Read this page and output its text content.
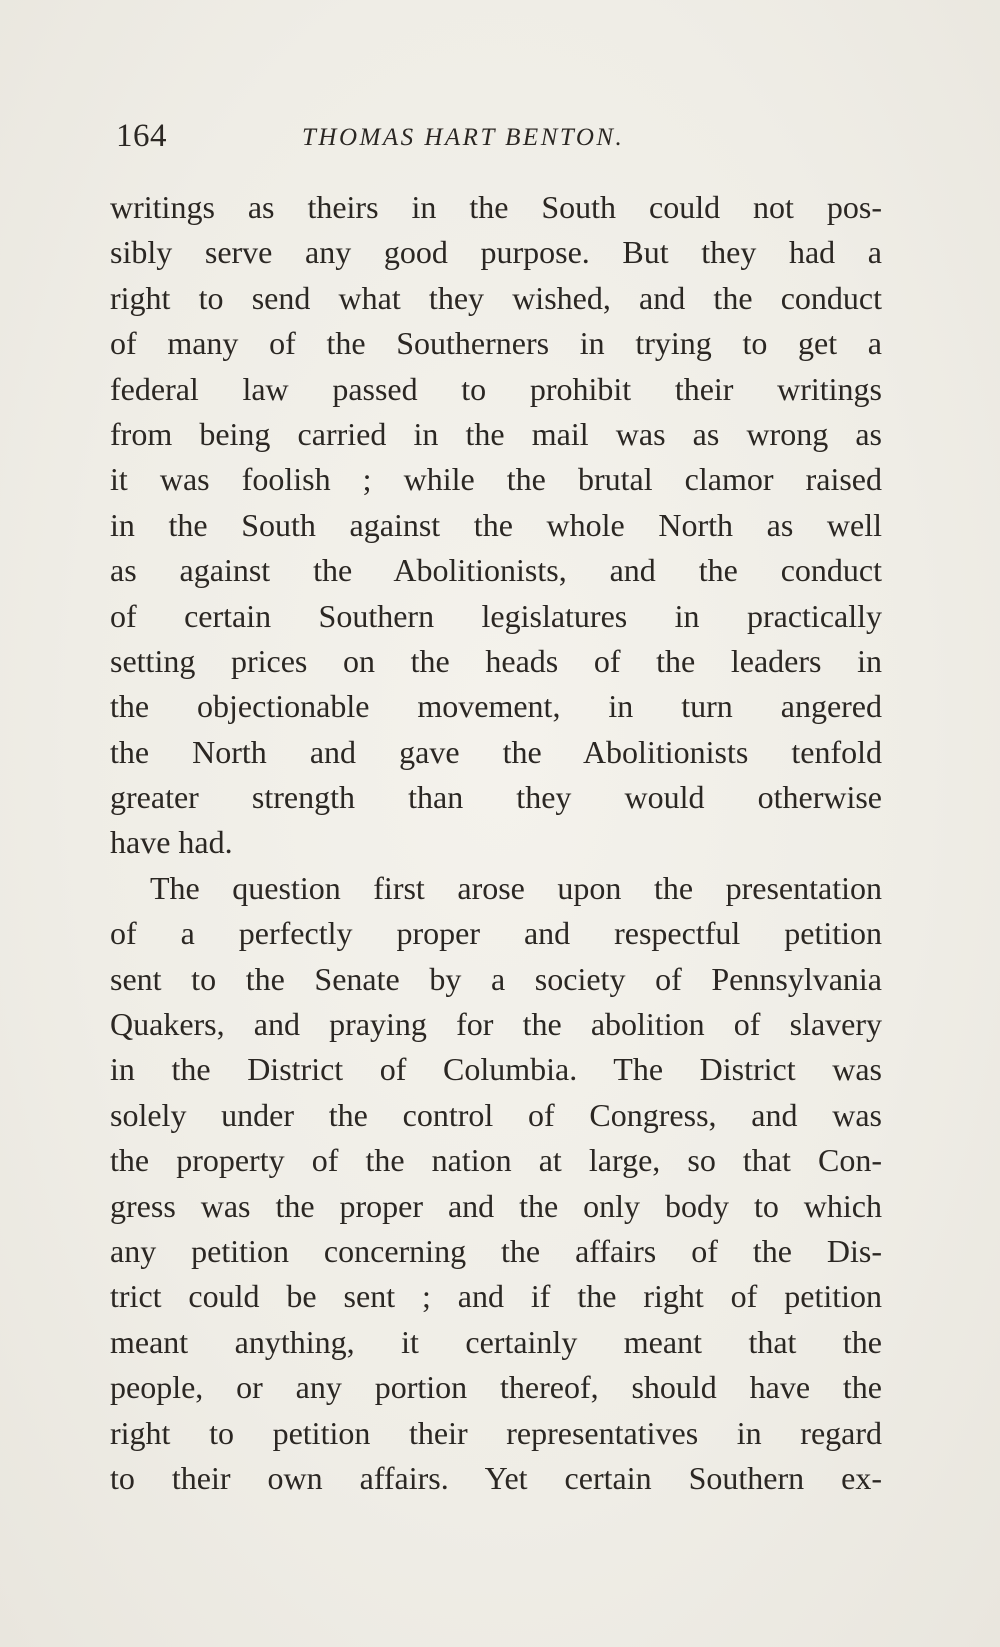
164	THOMAS HART BENTON.
writings as theirs in the South could not pos-
sibly serve any good purpose. But they had a
right to send what they wished, and the conduct
of many of the Southerners in trying to get a
federal law passed to prohibit their writings
from being carried in the mail was as wrong as
it was foolish ; while the brutal clamor raised
in the South against the whole North as well
as against the Abolitionists, and the conduct
of certain Southern legislatures in practically
setting prices on the heads of the leaders in
the objectionable movement, in turn angered
the North and gave the Abolitionists tenfold
greater strength than they would otherwise
have had.
The question first arose upon the presentation
of a perfectly proper and respectful petition
sent to the Senate by a society of Pennsylvania
Quakers, and praying for the abolition of slavery
in the District of Columbia. The District was
solely under the control of Congress, and was
the property of the nation at large, so that Con-
gress was the proper and the only body to which
any petition concerning the affairs of the Dis-
trict could be sent ; and if the right of petition
meant anything, it certainly meant that the
people, or any portion thereof, should have the
right to petition their representatives in regard
to their own affairs. Yet certain Southern ex-
